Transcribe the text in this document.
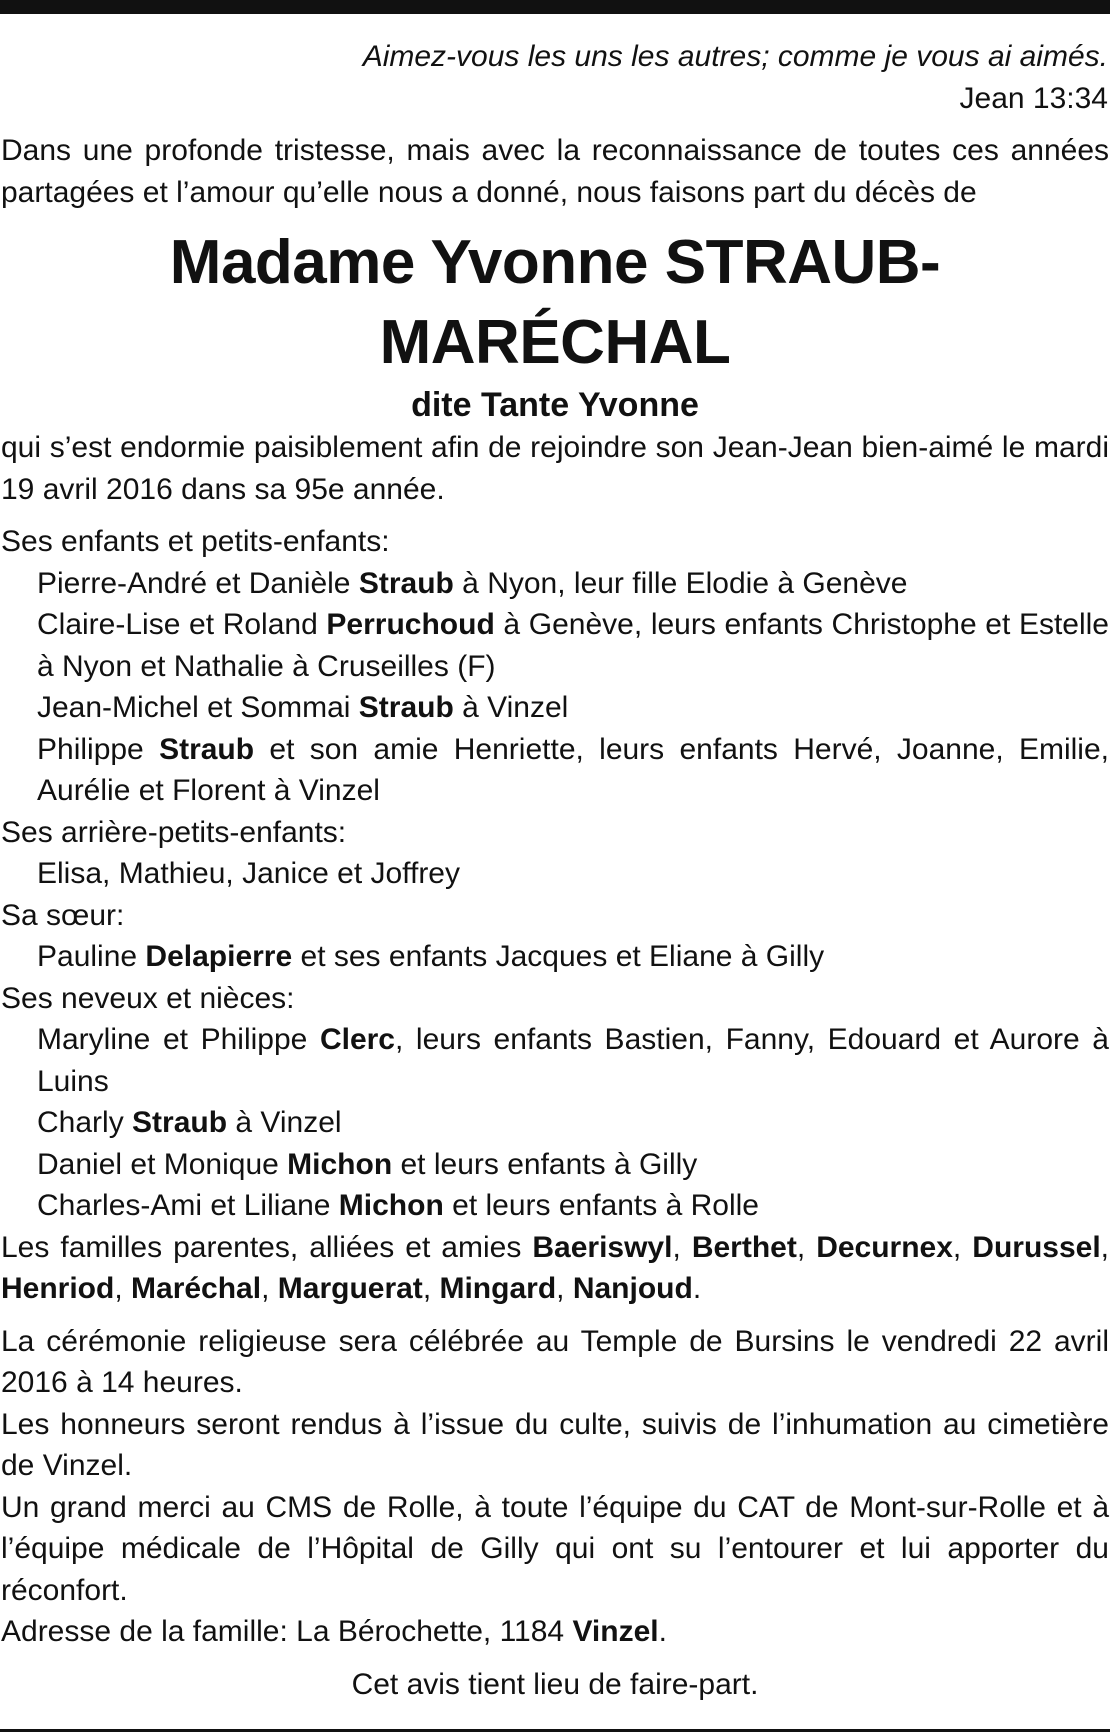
Aimez-vous les uns les autres; comme je vous ai aimés.

Jean 13:34

Dans une profonde tristesse, mais avec la reconnaissance de toutes ces années partagées et l’amour qu’elle nous a donné, nous faisons part du décès de

Madame Yvonne STRAUB-MARÉCHAL

dite Tante Yvonne

qui s’est endormie paisiblement afin de rejoindre son Jean-Jean bien-aimé le mardi 19 avril 2016 dans sa 95e année.

Ses enfants et petits-enfants:

Pierre-André et Danièle Straub à Nyon, leur fille Elodie à Genève

Claire-Lise et Roland Perruchoud à Genève, leurs enfants Christophe et Estelle à Nyon et Nathalie à Cruseilles (F)

Jean-Michel et Sommai Straub à Vinzel

Philippe Straub et son amie Henriette, leurs enfants Hervé, Joanne, Emilie, Aurélie et Florent à Vinzel

Ses arrière-petits-enfants:

Elisa, Mathieu, Janice et Joffrey

Sa sœur:

Pauline Delapierre et ses enfants Jacques et Eliane à Gilly

Ses neveux et nièces:

Maryline et Philippe Clerc, leurs enfants Bastien, Fanny, Edouard et Aurore à Luins

Charly Straub à Vinzel

Daniel et Monique Michon et leurs enfants à Gilly

Charles-Ami et Liliane Michon et leurs enfants à Rolle

Les familles parentes, alliées et amies Baeriswyl, Berthet, Decurnex, Durussel, Henriod, Maréchal, Marguerat, Mingard, Nanjoud.

La cérémonie religieuse sera célébrée au Temple de Bursins le vendredi 22 avril 2016 à 14 heures.

Les honneurs seront rendus à l’issue du culte, suivis de l’inhumation au cimetière de Vinzel.

Un grand merci au CMS de Rolle, à toute l’équipe du CAT de Mont-sur-Rolle et à l’équipe médicale de l’Hôpital de Gilly qui ont su l’entourer et lui apporter du réconfort.

Adresse de la famille: La Bérochette, 1184 Vinzel.

Cet avis tient lieu de faire-part.
